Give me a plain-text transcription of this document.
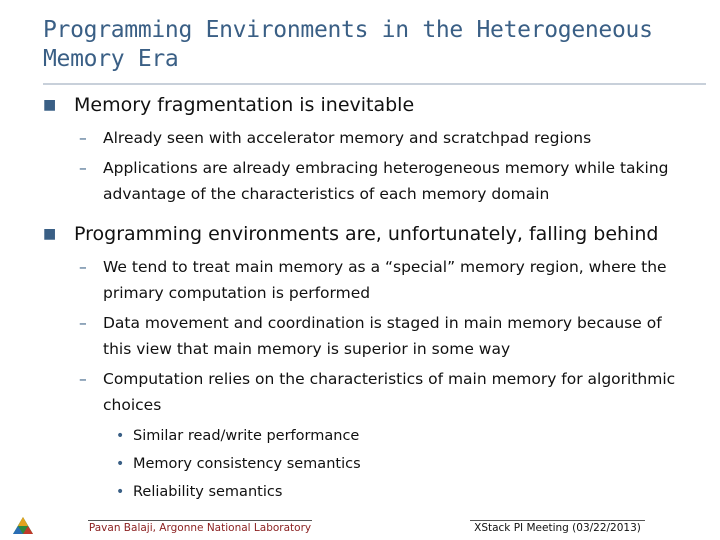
Programming Environments in the Heterogeneous
Memory Era
■ Memory fragmentation is inevitable
– Already seen with accelerator memory and scratchpad regions
– Applications are already embracing heterogeneous memory while taking advantage of the characteristics of each memory domain
■ Programming environments are, unfortunately, falling behind
– We tend to treat main memory as a “special” memory region, where the primary computation is performed
– Data movement and coordination is staged in main memory because of this view that main memory is superior in some way
– Computation relies on the characteristics of main memory for algorithmic choices
• Similar read/write performance
• Memory consistency semantics
• Reliability semantics
Pavan Balaji, Argonne National Laboratory	XStack PI Meeting (03/22/2013)
